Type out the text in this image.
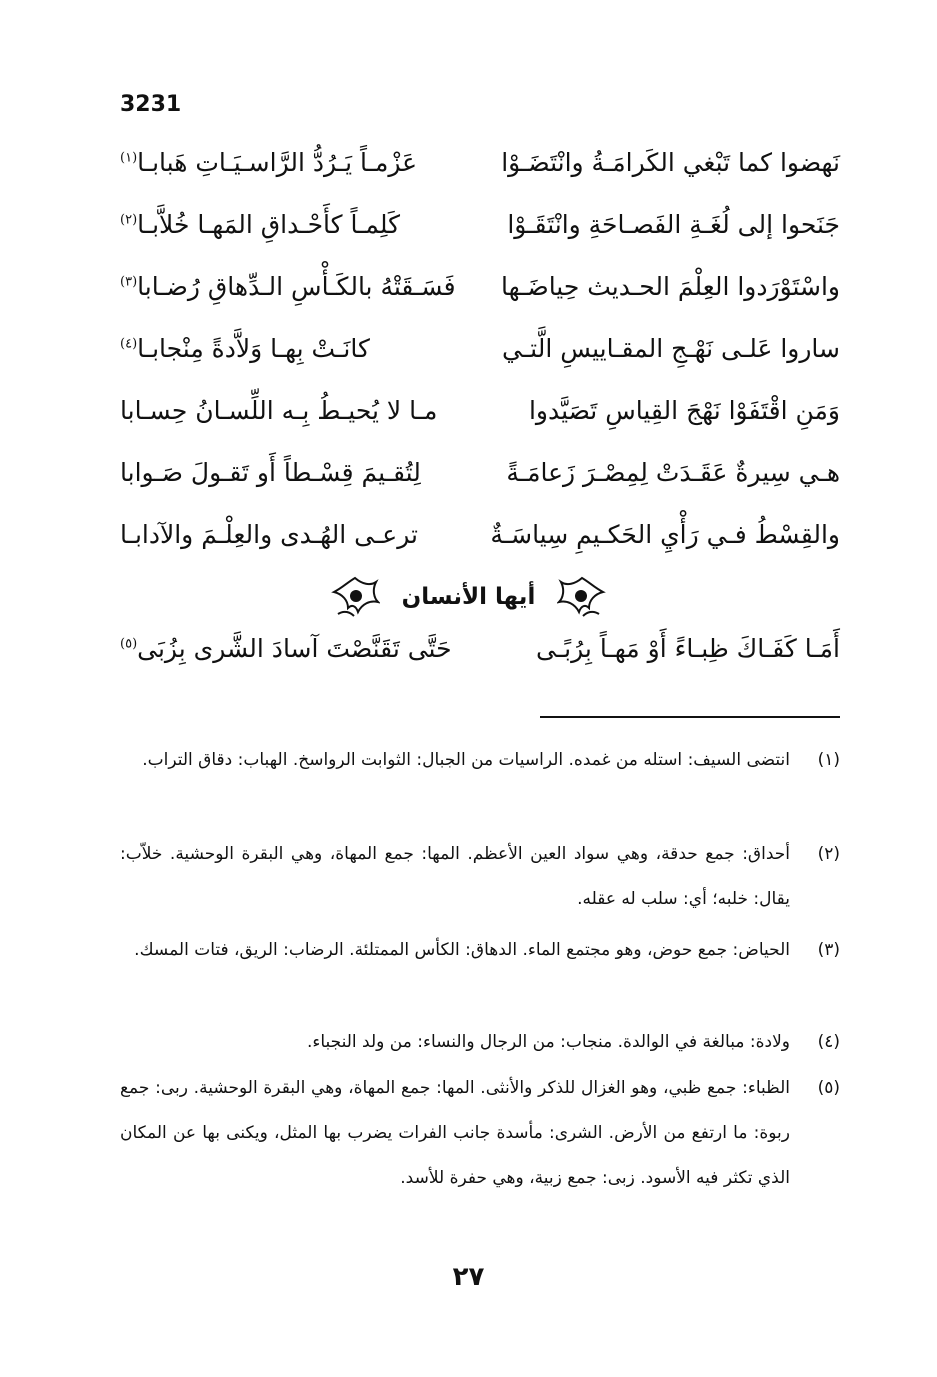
3231
نَهضوا كما تَبْغي الكَرامَـةُ وانْتَضَـوْا
عَزْمـاً يَـرُدُّ الرَّاسـيَـاتِ هَبابـا$^{(١)}$
جَنَحوا إلى لُغَـةِ الفَصـاحَةِ وانْتَقَـوْا
كَلِمـاً كأَحْـداقِ المَهـا خُلاَّبـا$^{(٢)}$
واسْتَوْرَدوا العِلْمَ الحـديث حِياضَـها
فَسَـقَتْهُ بالكَـأْسِ الـدِّهاقِ رُضـابا$^{(٣)}$
ساروا عَلـى نَهْـجِ المقـاييسِ الَّتـي
كانَـتْ بِهـا وَلاَّدةً مِنْجابـا$^{(٤)}$
وَمَنِ اقْتَفَوْا نَهْجَ القِياسِ تَصَيَّدوا
مـا لا يُحيـطُ بِـه اللِّسـانُ حِسـابا
هـي سِيرةٌ عَقَـدَتْ لِمِصْـرَ زَعامَـةً
لِتُقـيمَ قِسْـطاً أَو تَقـولَ صَـوابا
والقِسْطُ فـي رَأْيِ الحَكـيمِ سِياسَـةٌ
ترعـى الهُـدى والعِلْـمَ والآدابـا
أيها الأنسان
أَمَـا كَفَـاكَ ظِبـاءً أَوْ مَهـاً بِرُبًـى
حَتَّى تَقَنَّصْتَ آسادَ الشَّرى بِزُبَى$^{(٥)}$
(١)
انتضى السيف: استله من غمده. الراسيات من الجبال: الثوابت الرواسخ. الهباب: دقاق التراب.
(٢)
أحداق: جمع حدقة، وهي سواد العين الأعظم. المها: جمع المهاة، وهي البقرة الوحشية. خلاّب: يقال: خلبه؛ أي: سلب له عقله.
(٣)
الحياض: جمع حوض، وهو مجتمع الماء. الدهاق: الكأس الممتلئة. الرضاب: الريق، فتات المسك.
(٤)
ولادة: مبالغة في الوالدة. منجاب: من الرجال والنساء: من ولد النجباء.
(٥)
الظباء: جمع ظبي، وهو الغزال للذكر والأنثى. المها: جمع المهاة، وهي البقرة الوحشية. ربى: جمع ربوة: ما ارتفع من الأرض. الشرى: مأسدة جانب الفرات يضرب بها المثل، ويكنى بها عن المكان الذي تكثر فيه الأسود. زبى: جمع زبية، وهي حفرة للأسد.
٢٧
